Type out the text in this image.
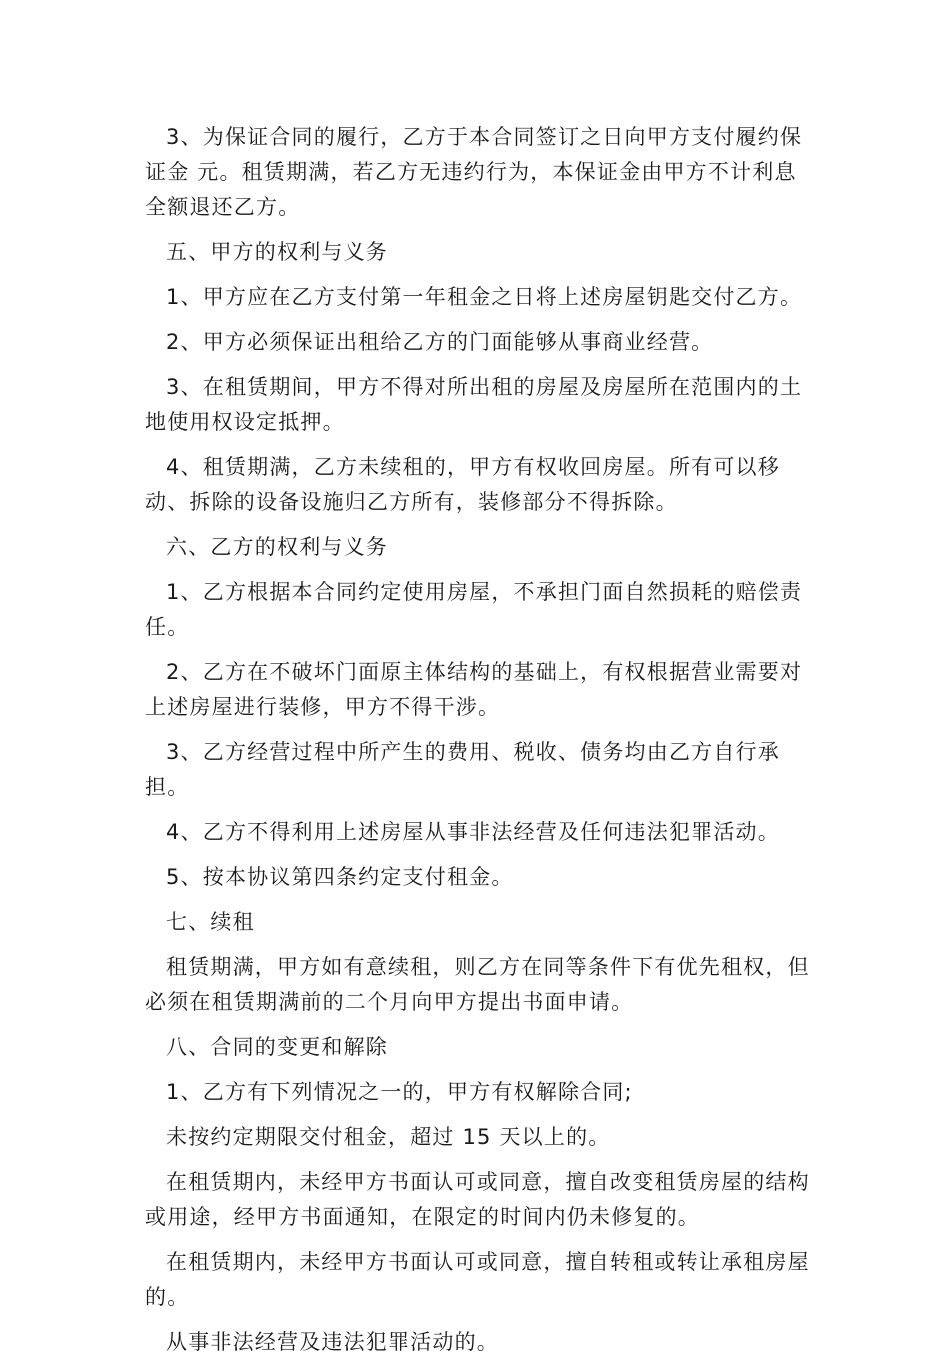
3、为保证合同的履行，乙方于本合同签订之日向甲方支付履约保证金 元。租赁期满，若乙方无违约行为，本保证金由甲方不计利息全额退还乙方。

五、甲方的权利与义务

1、甲方应在乙方支付第一年租金之日将上述房屋钥匙交付乙方。

2、甲方必须保证出租给乙方的门面能够从事商业经营。

3、在租赁期间，甲方不得对所出租的房屋及房屋所在范围内的土地使用权设定抵押。

4、租赁期满，乙方未续租的，甲方有权收回房屋。所有可以移动、拆除的设备设施归乙方所有，装修部分不得拆除。

六、乙方的权利与义务

1、乙方根据本合同约定使用房屋，不承担门面自然损耗的赔偿责任。

2、乙方在不破坏门面原主体结构的基础上，有权根据营业需要对上述房屋进行装修，甲方不得干涉。

3、乙方经营过程中所产生的费用、税收、债务均由乙方自行承担。

4、乙方不得利用上述房屋从事非法经营及任何违法犯罪活动。

5、按本协议第四条约定支付租金。

七、续租

租赁期满，甲方如有意续租，则乙方在同等条件下有优先租权，但必须在租赁期满前的二个月向甲方提出书面申请。

八、合同的变更和解除

1、乙方有下列情况之一的，甲方有权解除合同;

未按约定期限交付租金，超过 15 天以上的。

在租赁期内，未经甲方书面认可或同意，擅自改变租赁房屋的结构或用途，经甲方书面通知，在限定的时间内仍未修复的。

在租赁期内，未经甲方书面认可或同意，擅自转租或转让承租房屋的。

从事非法经营及违法犯罪活动的。
